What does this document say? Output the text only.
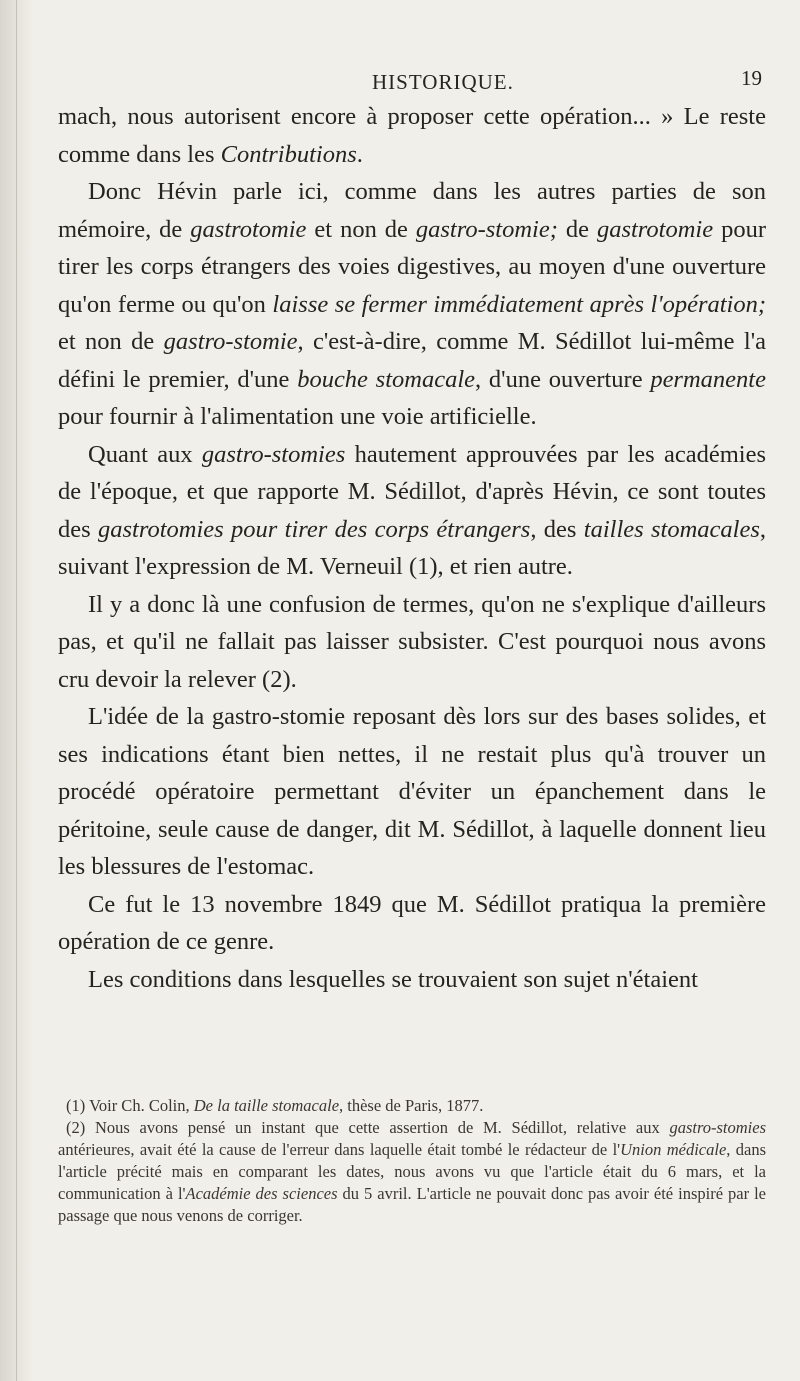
HISTORIQUE.	19

mach, nous autorisent encore à proposer cette opération... » Le reste comme dans les Contributions.

Donc Hévin parle ici, comme dans les autres parties de son mémoire, de gastrotomie et non de gastro-stomie; de gastrotomie pour tirer les corps étrangers des voies digestives, au moyen d'une ouverture qu'on ferme ou qu'on laisse se fermer immédiatement après l'opération; et non de gastro-stomie, c'est-à-dire, comme M. Sédillot lui-même l'a défini le premier, d'une bouche stomacale, d'une ouverture permanente pour fournir à l'alimentation une voie artificielle.

Quant aux gastro-stomies hautement approuvées par les académies de l'époque, et que rapporte M. Sédillot, d'après Hévin, ce sont toutes des gastrotomies pour tirer des corps étrangers, des tailles stomacales, suivant l'expression de M. Verneuil (1), et rien autre.

Il y a donc là une confusion de termes, qu'on ne s'explique d'ailleurs pas, et qu'il ne fallait pas laisser subsister. C'est pourquoi nous avons cru devoir la relever (2).

L'idée de la gastro-stomie reposant dès lors sur des bases solides, et ses indications étant bien nettes, il ne restait plus qu'à trouver un procédé opératoire permettant d'éviter un épanchement dans le péritoine, seule cause de danger, dit M. Sédillot, à laquelle donnent lieu les blessures de l'estomac.

Ce fut le 13 novembre 1849 que M. Sédillot pratiqua la première opération de ce genre.

Les conditions dans lesquelles se trouvaient son sujet n'étaient

(1) Voir Ch. Colin, De la taille stomacale, thèse de Paris, 1877.

(2) Nous avons pensé un instant que cette assertion de M. Sédillot, relative aux gastro-stomies antérieures, avait été la cause de l'erreur dans laquelle était tombé le rédacteur de l'Union médicale, dans l'article précité mais en comparant les dates, nous avons vu que l'article était du 6 mars, et la communication à l'Académie des sciences du 5 avril. L'article ne pouvait donc pas avoir été inspiré par le passage que nous venons de corriger.
